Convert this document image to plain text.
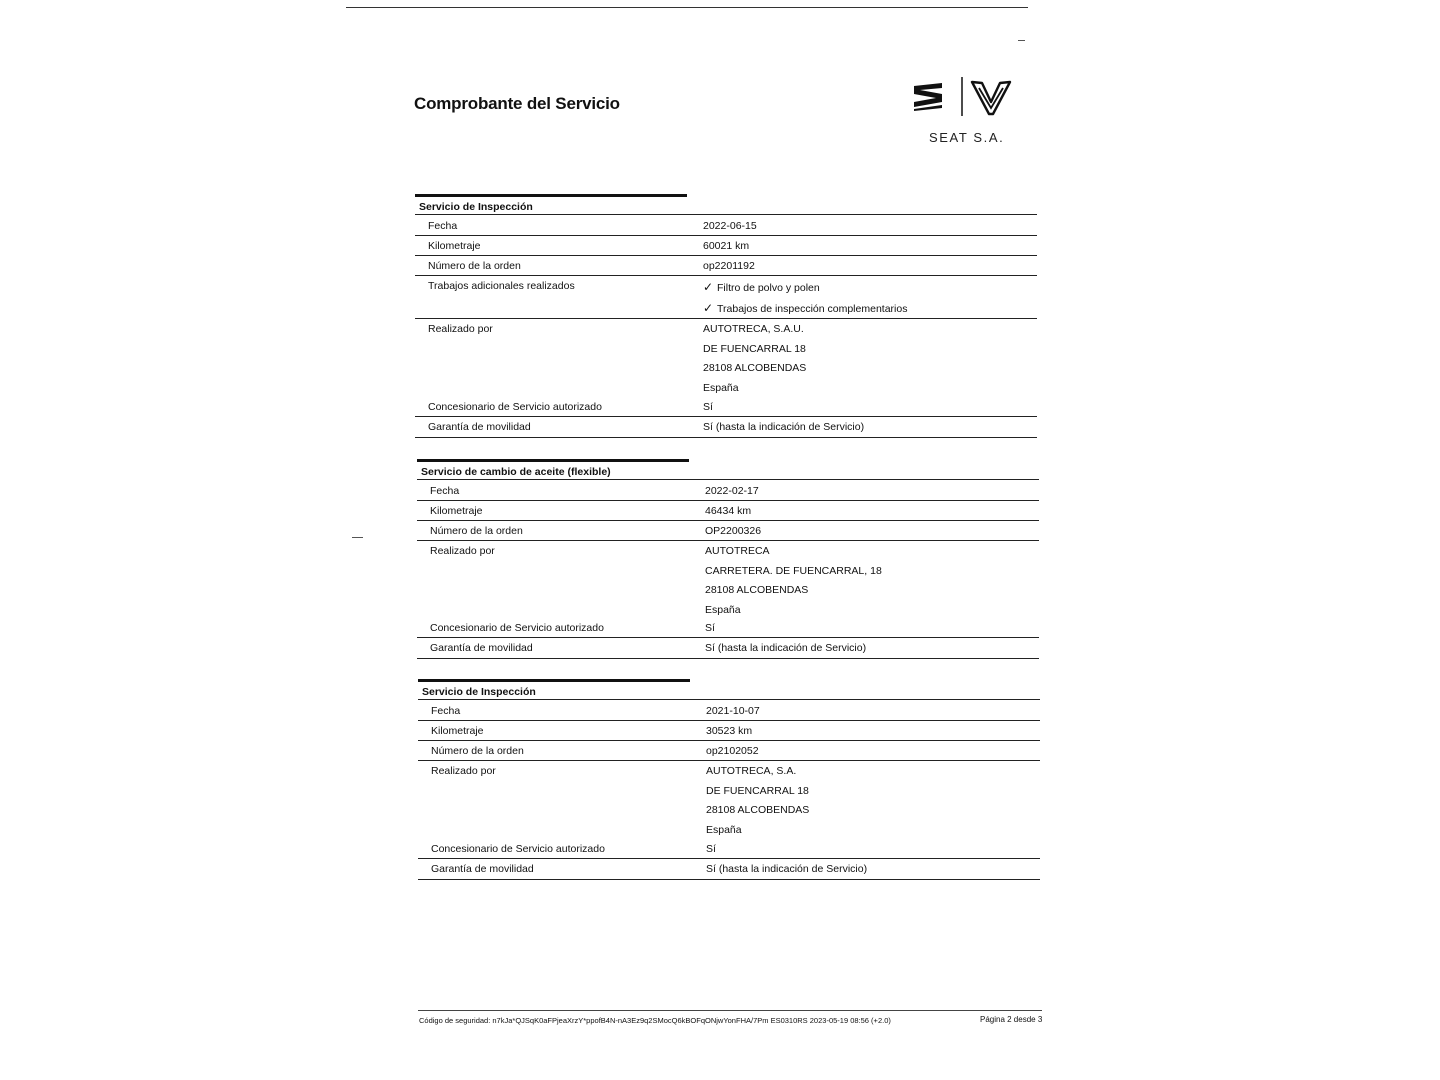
Comprobante del Servicio
SEAT S.A.
Servicio de Inspección
Fecha	2022-06-15
Kilometraje	60021 km
Número de la orden	op2201192
Trabajos adicionales realizados	✓ Filtro de polvo y polen
✓ Trabajos de inspección complementarios
Realizado por	AUTOTRECA, S.A.U.
DE FUENCARRAL 18
28108 ALCOBENDAS
España
Concesionario de Servicio autorizado	Sí
Garantía de movilidad	Sí (hasta la indicación de Servicio)
Servicio de cambio de aceite (flexible)
Fecha	2022-02-17
Kilometraje	46434 km
Número de la orden	OP2200326
Realizado por	AUTOTRECA
CARRETERA. DE FUENCARRAL, 18
28108 ALCOBENDAS
España
Concesionario de Servicio autorizado	Sí
Garantía de movilidad	Sí (hasta la indicación de Servicio)
Servicio de Inspección
Fecha	2021-10-07
Kilometraje	30523 km
Número de la orden	op2102052
Realizado por	AUTOTRECA, S.A.
DE FUENCARRAL 18
28108 ALCOBENDAS
España
Concesionario de Servicio autorizado	Sí
Garantía de movilidad	Sí (hasta la indicación de Servicio)
Código de seguridad: n7kJa*QJSqK0aFPjeaXrzY*ppofB4N-nA3Ez9q2SMocQ6kBOFqONjwYonFHA/7Pm ES0310RS 2023-05-19 08:56 (+2.0)	Página 2 desde 3
